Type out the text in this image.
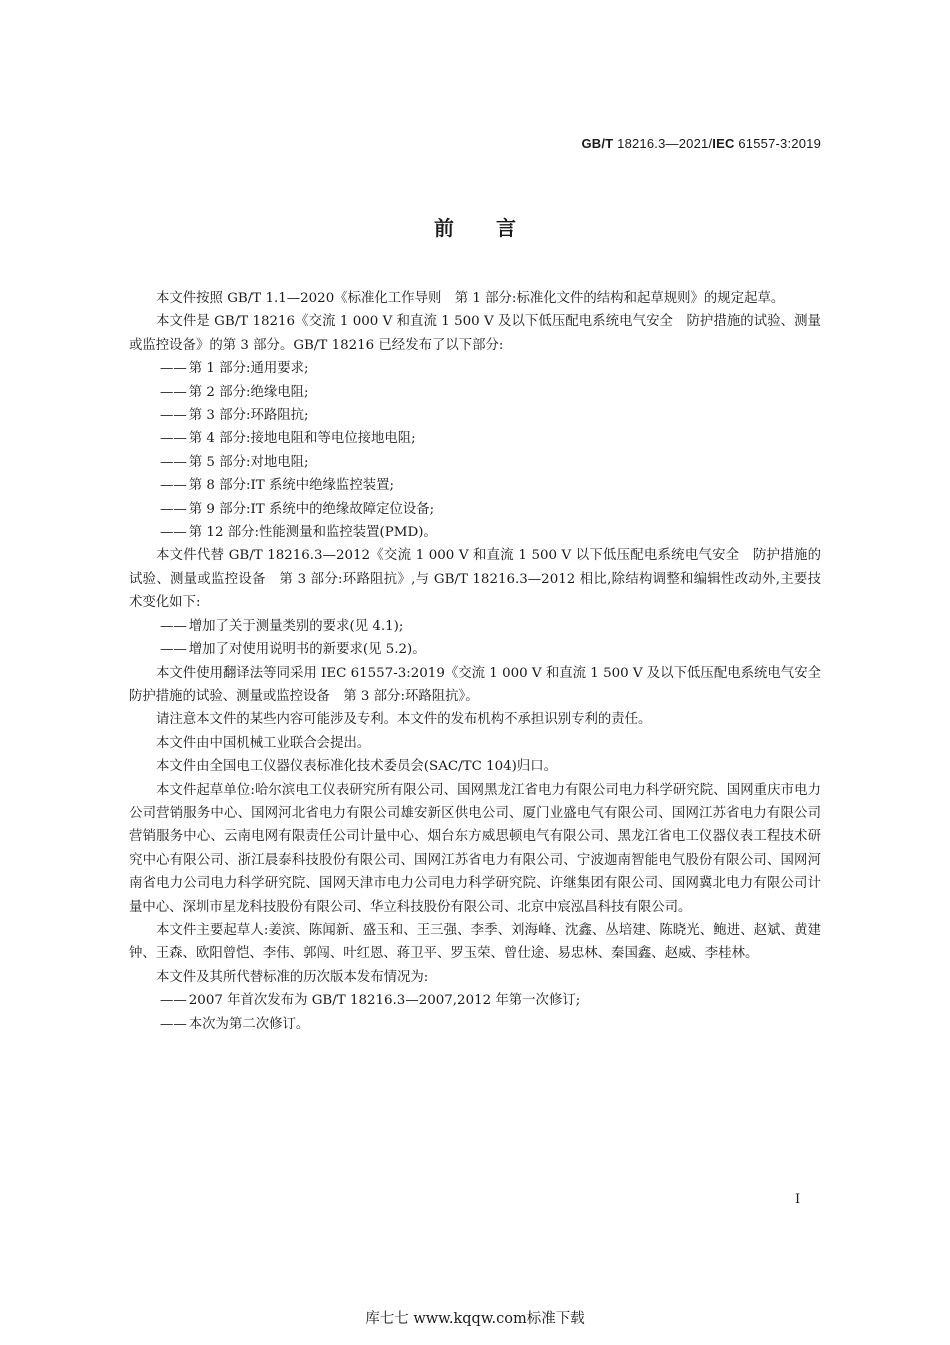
GB/T 18216.3—2021/IEC 61557-3:2019
前言

本文件按照 GB/T 1.1—2020《标准化工作导则　第 1 部分:标准化文件的结构和起草规则》的规定起草。

本文件是 GB/T 18216《交流 1 000 V 和直流 1 500 V 及以下低压配电系统电气安全　防护措施的试验、测量或监控设备》的第 3 部分。GB/T 18216 已经发布了以下部分:

—— 第 1 部分:通用要求;
—— 第 2 部分:绝缘电阻;
—— 第 3 部分:环路阻抗;
—— 第 4 部分:接地电阻和等电位接地电阻;
—— 第 5 部分:对地电阻;
—— 第 8 部分:IT 系统中绝缘监控装置;
—— 第 9 部分:IT 系统中的绝缘故障定位设备;
—— 第 12 部分:性能测量和监控装置(PMD)。

本文件代替 GB/T 18216.3—2012《交流 1 000 V 和直流 1 500 V 以下低压配电系统电气安全　防护措施的试验、测量或监控设备　第 3 部分:环路阻抗》,与 GB/T 18216.3—2012 相比,除结构调整和编辑性改动外,主要技术变化如下:

—— 增加了关于测量类别的要求(见 4.1);
—— 增加了对使用说明书的新要求(见 5.2)。

本文件使用翻译法等同采用 IEC 61557-3:2019《交流 1 000 V 和直流 1 500 V 及以下低压配电系统电气安全　防护措施的试验、测量或监控设备　第 3 部分:环路阻抗》。

请注意本文件的某些内容可能涉及专利。本文件的发布机构不承担识别专利的责任。

本文件由中国机械工业联合会提出。

本文件由全国电工仪器仪表标准化技术委员会(SAC/TC 104)归口。

本文件起草单位:哈尔滨电工仪表研究所有限公司、国网黑龙江省电力有限公司电力科学研究院、国网重庆市电力公司营销服务中心、国网河北省电力有限公司雄安新区供电公司、厦门业盛电气有限公司、国网江苏省电力有限公司营销服务中心、云南电网有限责任公司计量中心、烟台东方威思顿电气有限公司、黑龙江省电工仪器仪表工程技术研究中心有限公司、浙江晨泰科技股份有限公司、国网江苏省电力有限公司、宁波迦南智能电气股份有限公司、国网河南省电力公司电力科学研究院、国网天津市电力公司电力科学研究院、许继集团有限公司、国网冀北电力有限公司计量中心、深圳市星龙科技股份有限公司、华立科技股份有限公司、北京中宸泓昌科技有限公司。

本文件主要起草人:姜滨、陈闻新、盛玉和、王三强、李季、刘海峰、沈鑫、丛培建、陈晓光、鲍进、赵斌、黄建钟、王森、欧阳曾恺、李伟、郭闯、叶红恩、蒋卫平、罗玉荣、曾仕途、易忠林、秦国鑫、赵威、李桂林。

本文件及其所代替标准的历次版本发布情况为:

—— 2007 年首次发布为 GB/T 18216.3—2007,2012 年第一次修订;
—— 本次为第二次修订。
I
库七七 www.kqqw.com标准下载
